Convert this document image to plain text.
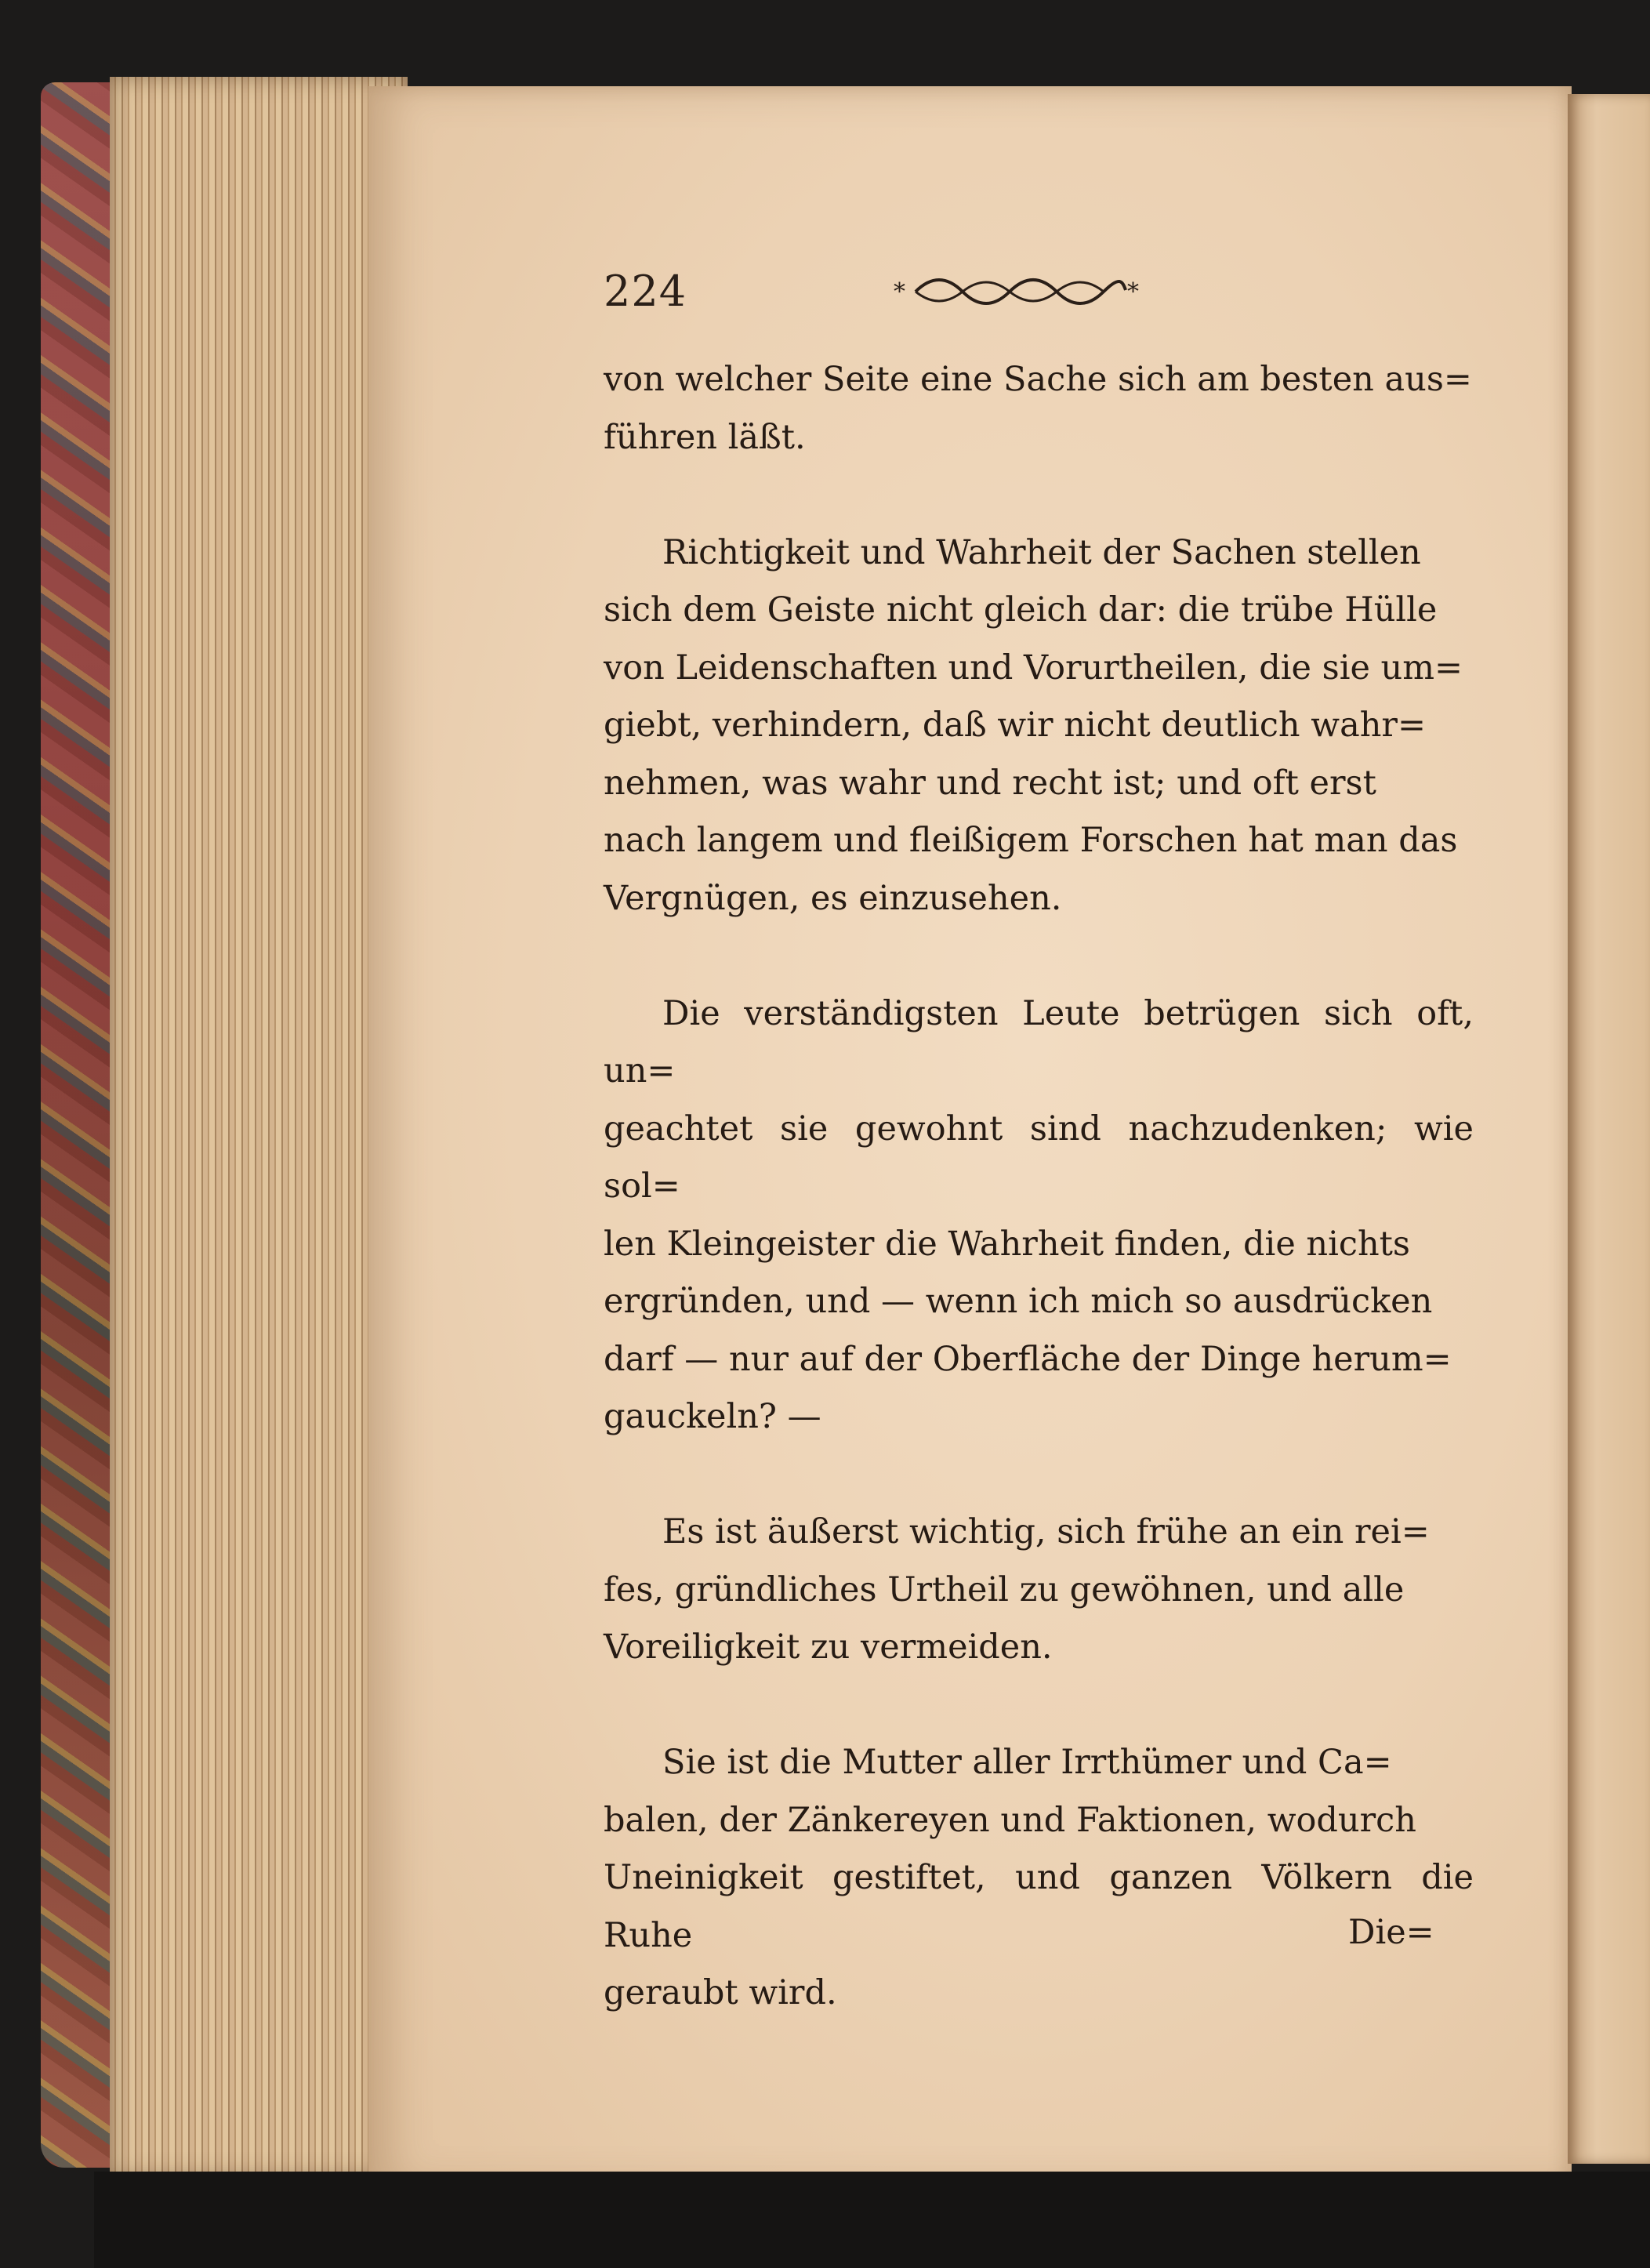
224	*	*

von welcher Seite eine Sache sich am besten aus=
führen läßt.

Richtigkeit und Wahrheit der Sachen stellen
sich dem Geiste nicht gleich dar: die trübe Hülle
von Leidenschaften und Vorurtheilen, die sie um=
giebt, verhindern, daß wir nicht deutlich wahr=
nehmen, was wahr und recht ist; und oft erst
nach langem und fleißigem Forschen hat man das
Vergnügen, es einzusehen.

Die verständigsten Leute betrügen sich oft, un=
geachtet sie gewohnt sind nachzudenken; wie sol=
len Kleingeister die Wahrheit finden, die nichts
ergründen, und — wenn ich mich so ausdrücken
darf — nur auf der Oberfläche der Dinge herum=
gauckeln? —

Es ist äußerst wichtig, sich frühe an ein rei=
fes, gründliches Urtheil zu gewöhnen, und alle
Voreiligkeit zu vermeiden.

Sie ist die Mutter aller Irrthümer und Ca=
balen, der Zänkereyen und Faktionen, wodurch
Uneinigkeit gestiftet, und ganzen Völkern die Ruhe
geraubt wird.

Die=
